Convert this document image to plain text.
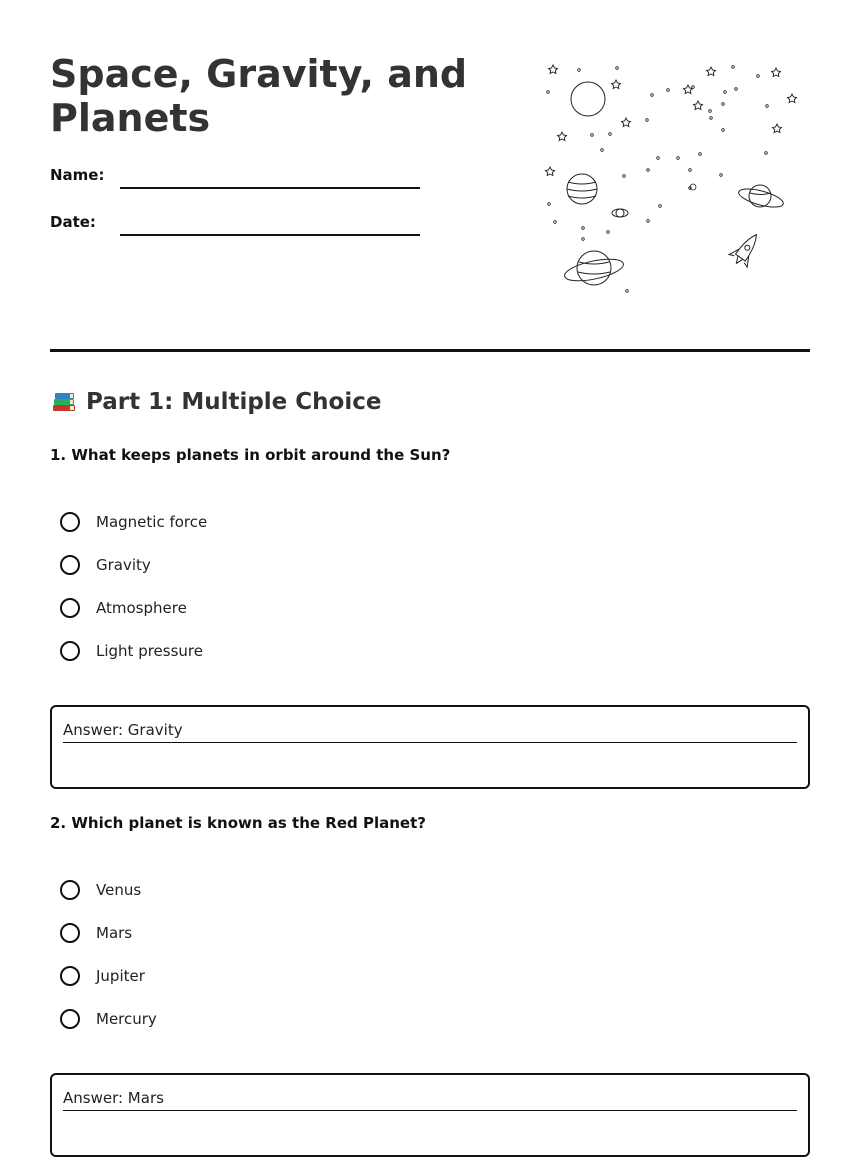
Space, Gravity, and Planets
Name:
Date:
Part 1: Multiple Choice
1. What keeps planets in orbit around the Sun?
Magnetic force
Gravity
Atmosphere
Light pressure
Answer: Gravity
2. Which planet is known as the Red Planet?
Venus
Mars
Jupiter
Mercury
Answer: Mars
